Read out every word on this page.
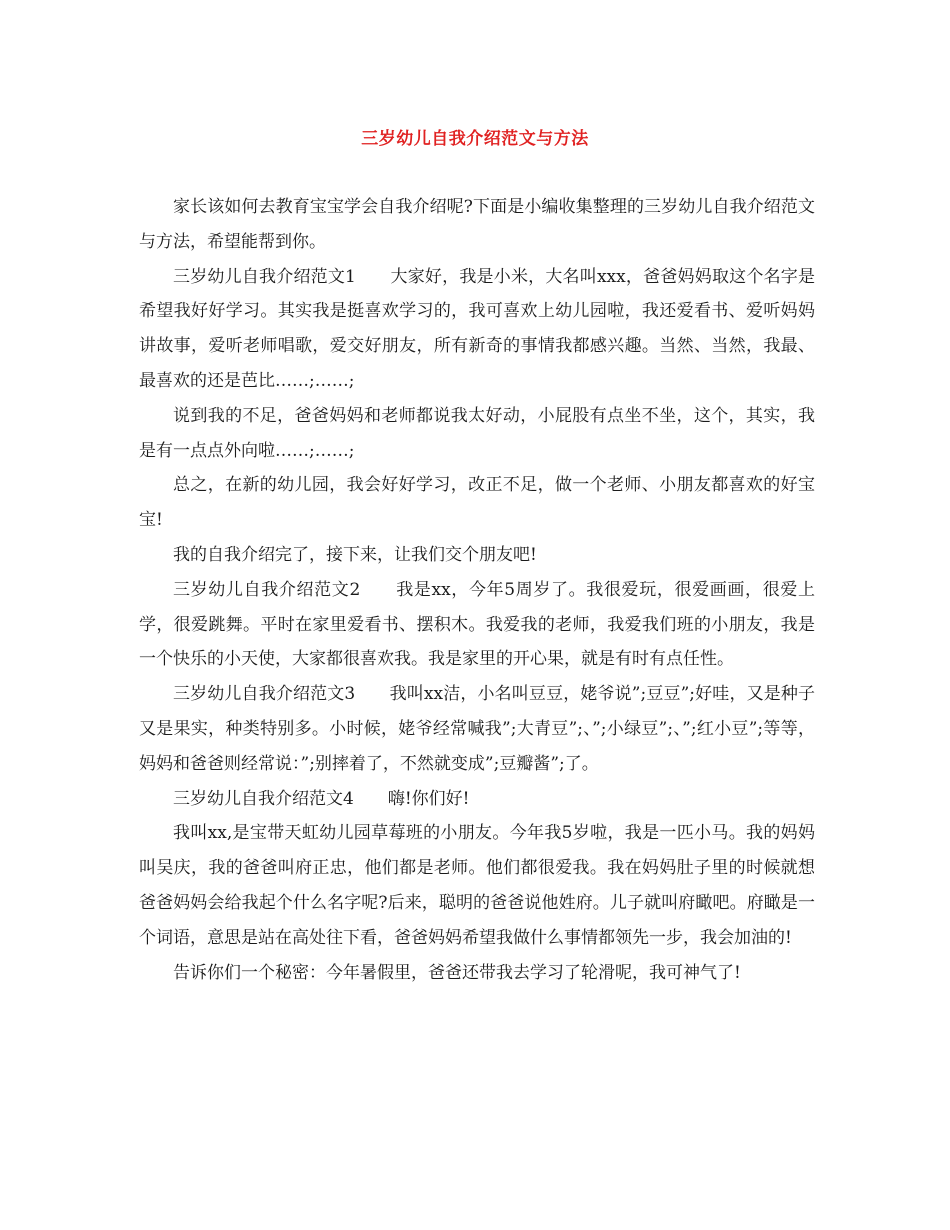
三岁幼儿自我介绍范文与方法

家长该如何去教育宝宝学会自我介绍呢?下面是小编收集整理的三岁幼儿自我介绍范文与方法，希望能帮到你。

三岁幼儿自我介绍范文1　　大家好，我是小米，大名叫xxx，爸爸妈妈取这个名字是希望我好好学习。其实我是挺喜欢学习的，我可喜欢上幼儿园啦，我还爱看书、爱听妈妈讲故事，爱听老师唱歌，爱交好朋友，所有新奇的事情我都感兴趣。当然、当然，我最、最喜欢的还是芭比……;……;

说到我的不足，爸爸妈妈和老师都说我太好动，小屁股有点坐不坐，这个，其实，我是有一点点外向啦……;……;

总之，在新的幼儿园，我会好好学习，改正不足，做一个老师、小朋友都喜欢的好宝宝!

我的自我介绍完了，接下来，让我们交个朋友吧!

三岁幼儿自我介绍范文2　　我是xx，今年5周岁了。我很爱玩，很爱画画，很爱上学，很爱跳舞。平时在家里爱看书、摆积木。我爱我的老师，我爱我们班的小朋友，我是一个快乐的小天使，大家都很喜欢我。我是家里的开心果，就是有时有点任性。

三岁幼儿自我介绍范文3　　我叫xx洁，小名叫豆豆，姥爷说”;豆豆”;好哇，又是种子又是果实，种类特别多。小时候，姥爷经常喊我”;大青豆”;、”;小绿豆”;、”;红小豆”;等等，妈妈和爸爸则经常说：”;别摔着了，不然就变成”;豆瓣酱”;了。

三岁幼儿自我介绍范文4　　嗨!你们好!

我叫xx,是宝带天虹幼儿园草莓班的小朋友。今年我5岁啦，我是一匹小马。我的妈妈叫吴庆，我的爸爸叫府正忠，他们都是老师。他们都很爱我。我在妈妈肚子里的时候就想爸爸妈妈会给我起个什么名字呢?后来，聪明的爸爸说他姓府。儿子就叫府瞰吧。府瞰是一个词语，意思是站在高处往下看，爸爸妈妈希望我做什么事情都领先一步，我会加油的!

告诉你们一个秘密：今年暑假里，爸爸还带我去学习了轮滑呢，我可神气了!
